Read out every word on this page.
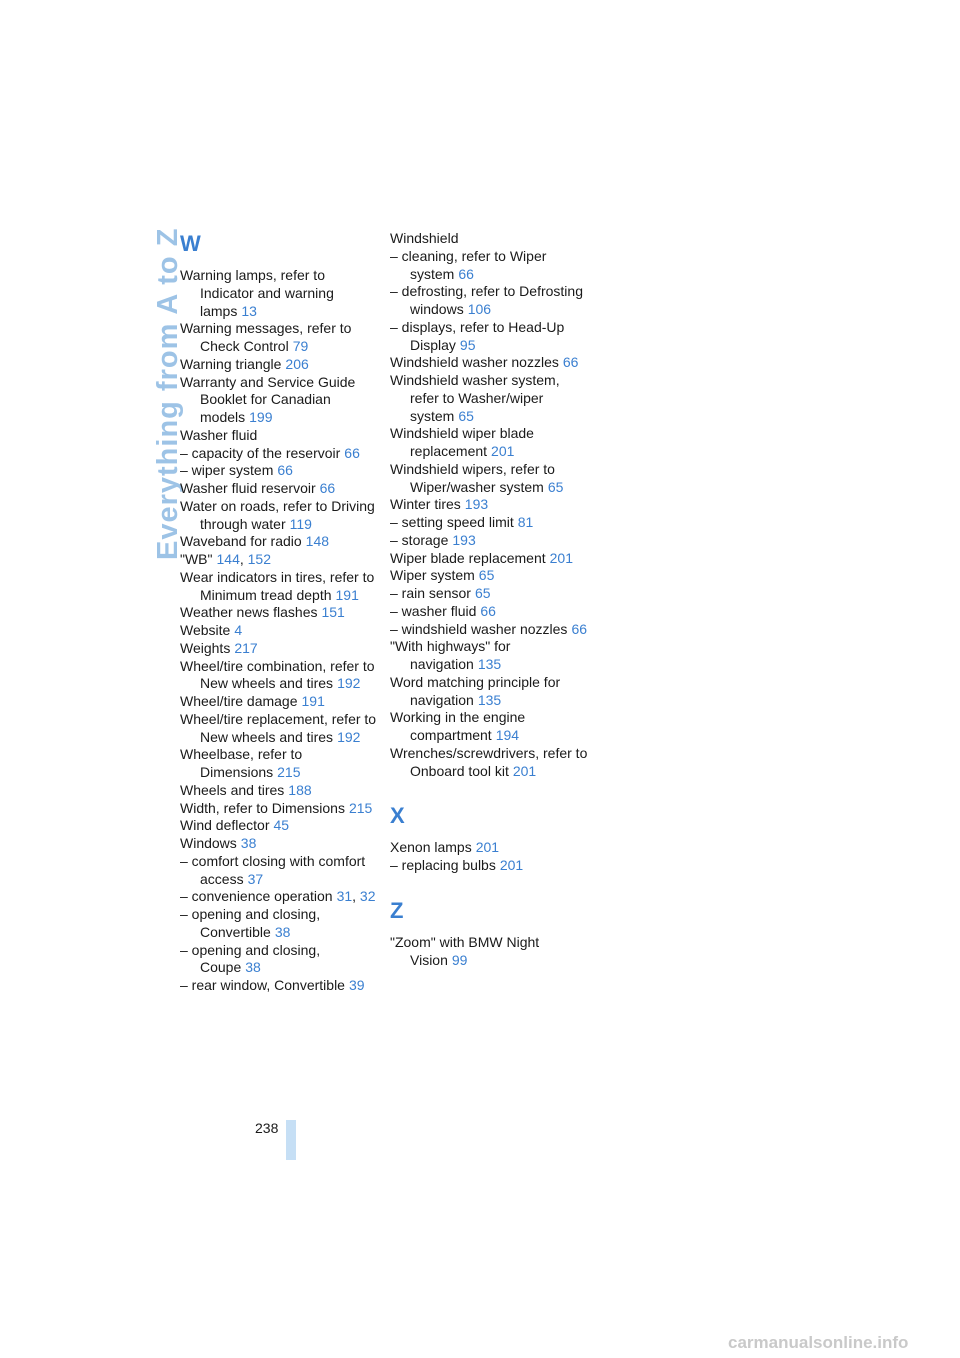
Everything from A to Z
W
Warning lamps, refer to Indicator and warning lamps 13
Warning messages, refer to Check Control 79
Warning triangle 206
Warranty and Service Guide Booklet for Canadian models 199
Washer fluid
– capacity of the reservoir 66
– wiper system 66
Washer fluid reservoir 66
Water on roads, refer to Driving through water 119
Waveband for radio 148
"WB" 144, 152
Wear indicators in tires, refer to Minimum tread depth 191
Weather news flashes 151
Website 4
Weights 217
Wheel/tire combination, refer to New wheels and tires 192
Wheel/tire damage 191
Wheel/tire replacement, refer to New wheels and tires 192
Wheelbase, refer to Dimensions 215
Wheels and tires 188
Width, refer to Dimensions 215
Wind deflector 45
Windows 38
– comfort closing with comfort access 37
– convenience operation 31, 32
– opening and closing, Convertible 38
– opening and closing, Coupe 38
– rear window, Convertible 39
Windshield
– cleaning, refer to Wiper system 66
– defrosting, refer to Defrosting windows 106
– displays, refer to Head-Up Display 95
Windshield washer nozzles 66
Windshield washer system, refer to Washer/wiper system 65
Windshield wiper blade replacement 201
Windshield wipers, refer to Wiper/washer system 65
Winter tires 193
– setting speed limit 81
– storage 193
Wiper blade replacement 201
Wiper system 65
– rain sensor 65
– washer fluid 66
– windshield washer nozzles 66
"With highways" for navigation 135
Word matching principle for navigation 135
Working in the engine compartment 194
Wrenches/screwdrivers, refer to Onboard tool kit 201
X
Xenon lamps 201
– replacing bulbs 201
Z
"Zoom" with BMW Night Vision 99
238
carmanualsonline.info
